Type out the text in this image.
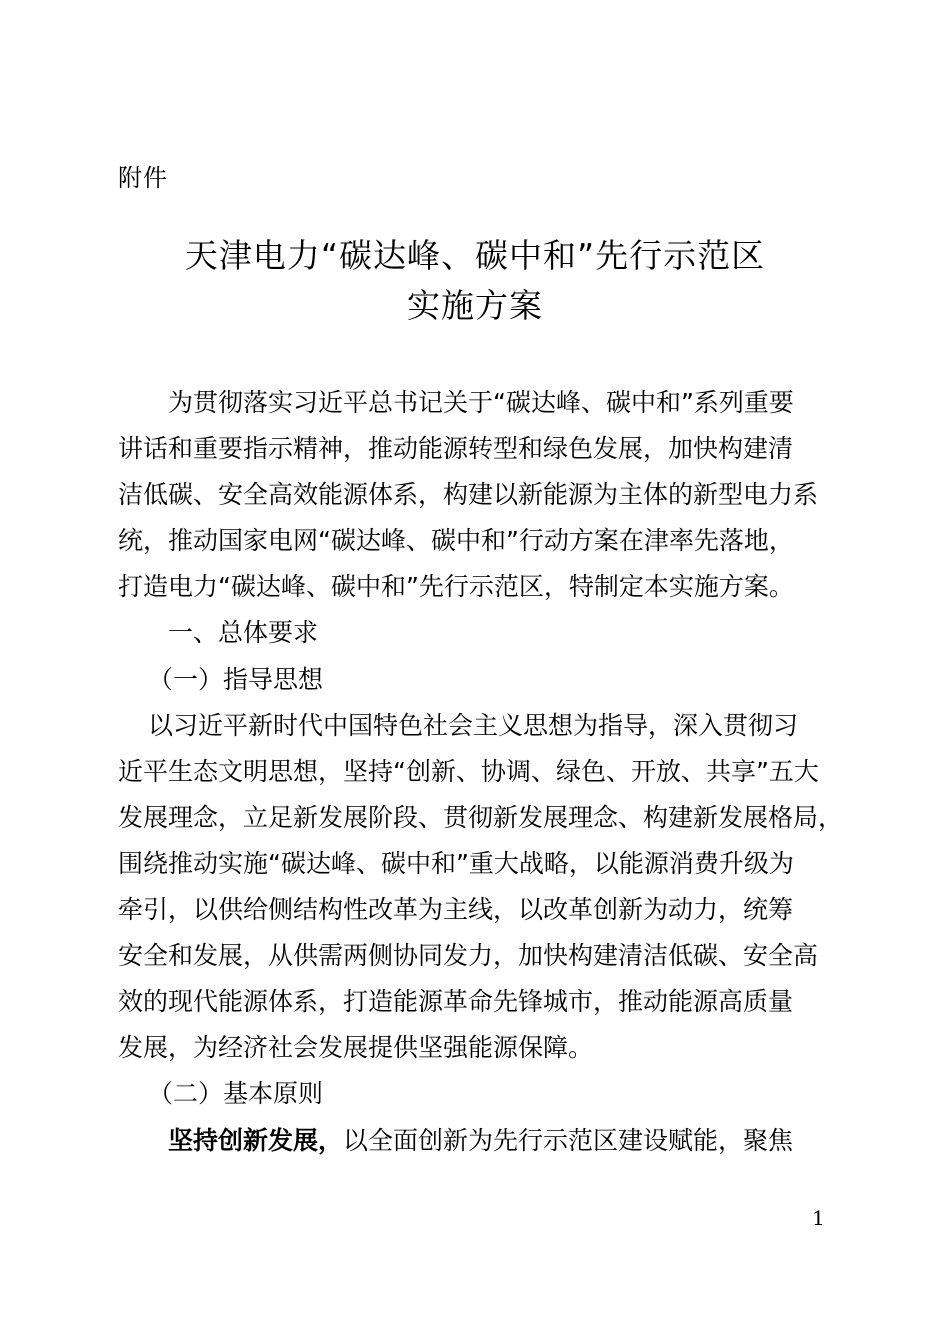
附件
天津电力“碳达峰、碳中和”先行示范区
实施方案
为贯彻落实习近平总书记关于“碳达峰、碳中和”系列重要
讲话和重要指示精神，推动能源转型和绿色发展，加快构建清
洁低碳、安全高效能源体系，构建以新能源为主体的新型电力系
统，推动国家电网“碳达峰、碳中和”行动方案在津率先落地，
打造电力“碳达峰、碳中和”先行示范区，特制定本实施方案。
一、总体要求
（一）指导思想
以习近平新时代中国特色社会主义思想为指导，深入贯彻习
近平生态文明思想，坚持“创新、协调、绿色、开放、共享”五大
发展理念，立足新发展阶段、贯彻新发展理念、构建新发展格局，
围绕推动实施“碳达峰、碳中和”重大战略，以能源消费升级为
牵引，以供给侧结构性改革为主线，以改革创新为动力，统筹
安全和发展，从供需两侧协同发力，加快构建清洁低碳、安全高
效的现代能源体系，打造能源革命先锋城市，推动能源高质量
发展，为经济社会发展提供坚强能源保障。
（二）基本原则
坚持创新发展，以全面创新为先行示范区建设赋能，聚焦
1
